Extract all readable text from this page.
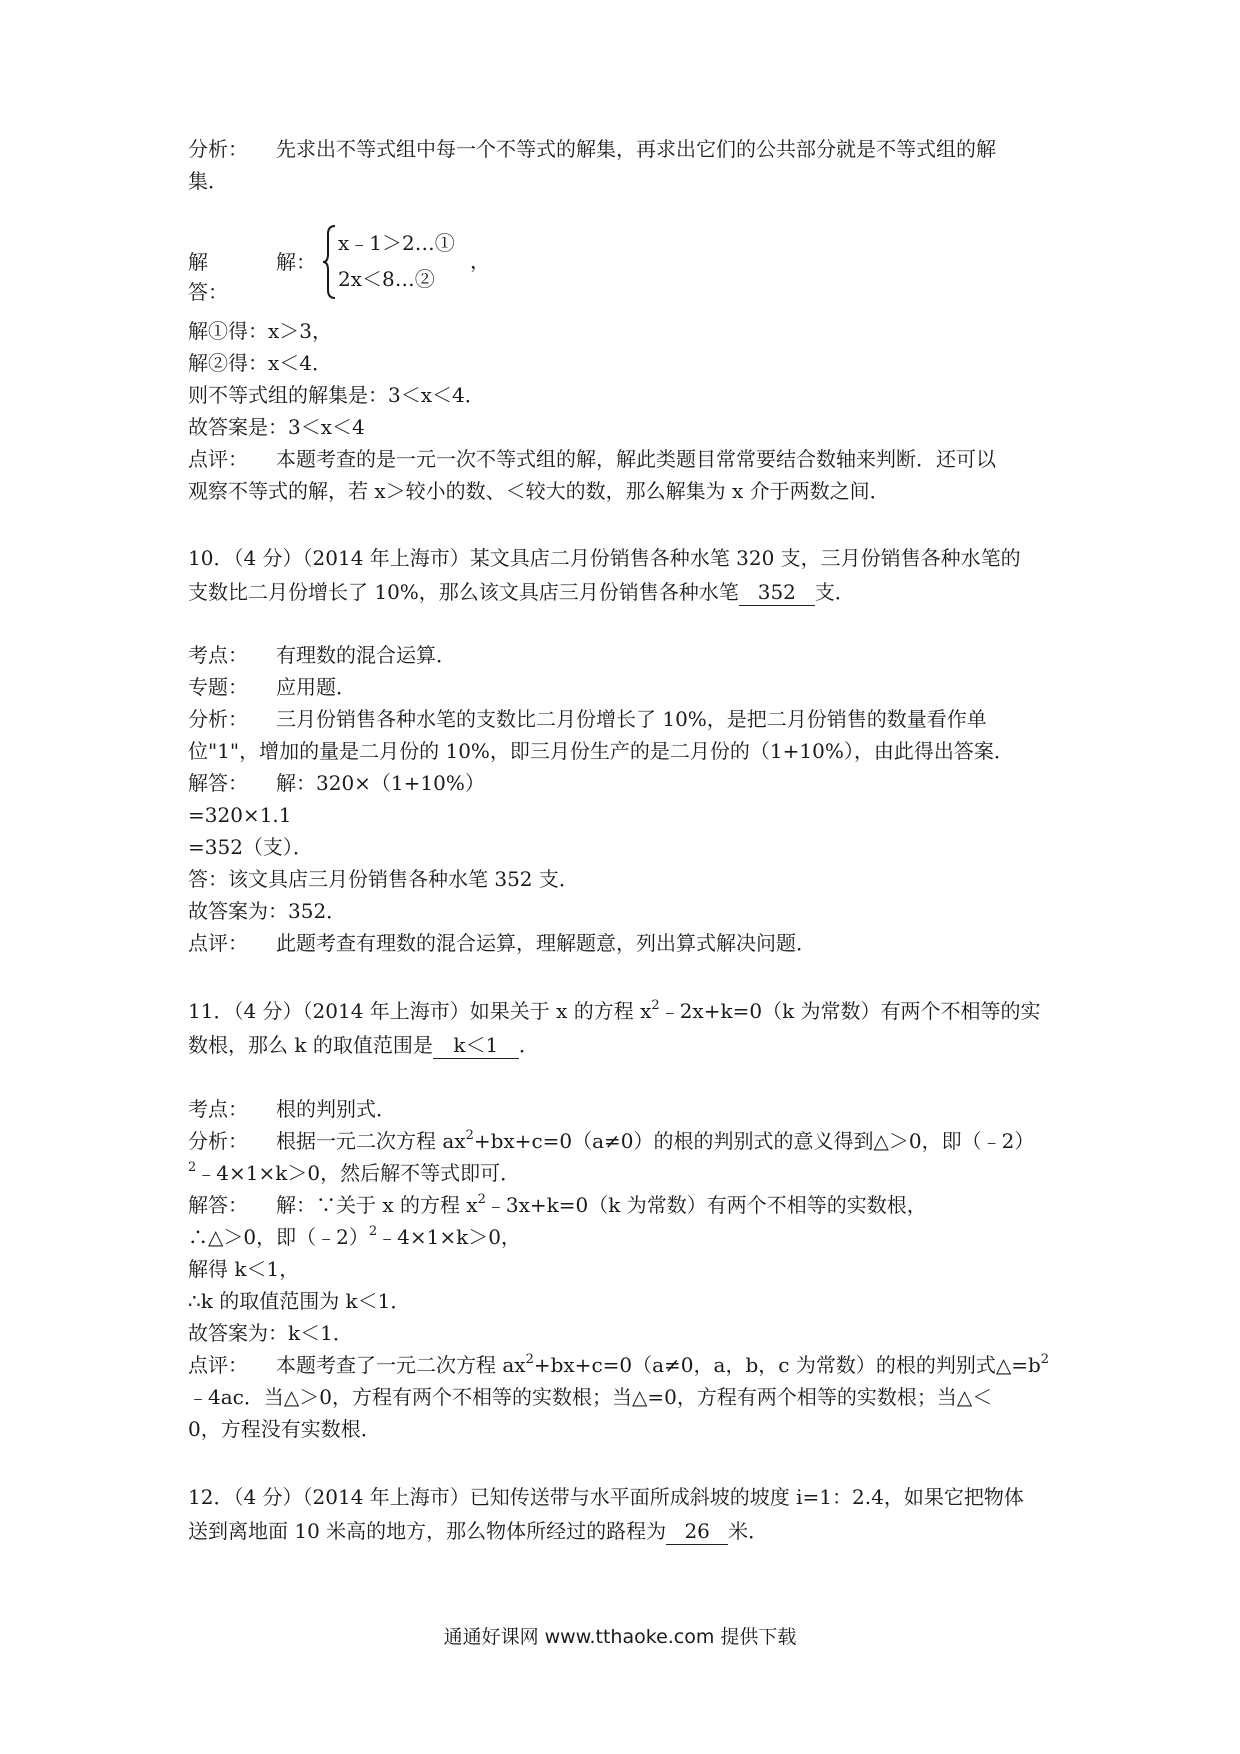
分析： 先求出不等式组中每一个不等式的解集，再求出它们的公共部分就是不等式组的解
集．
解答：
解：
x﹣1＞2…①
2x＜8…②
，
解①得：x＞3，
解②得：x＜4．
则不等式组的解集是：3＜x＜4．
故答案是：3＜x＜4
点评： 本题考查的是一元一次不等式组的解，解此类题目常常要结合数轴来判断．还可以
观察不等式的解，若 x＞较小的数、＜较大的数，那么解集为 x 介于两数之间．
10．（4 分）（2014 年上海市）某文具店二月份销售各种水笔 320 支，三月份销售各种水笔的
支数比二月份增长了 10%，那么该文具店三月份销售各种水笔 352 支．
考点： 有理数的混合运算．
专题： 应用题．
分析： 三月份销售各种水笔的支数比二月份增长了 10%，是把二月份销售的数量看作单
位"1"，增加的量是二月份的 10%，即三月份生产的是二月份的（1+10%），由此得出答案．
解答： 解：320×（1+10%）
=320×1.1
=352（支）．
答：该文具店三月份销售各种水笔 352 支．
故答案为：352．
点评： 此题考查有理数的混合运算，理解题意，列出算式解决问题．
11．（4 分）（2014 年上海市）如果关于 x 的方程 $x^2﹣2x+k=0(k$ 为常数）有两个不相等的实
数根，那么 k 的取值范围是 k＜1 ．
考点： 根的判别式．
分析： 根据一元二次方程 $ax^2+bx+c=0(a\ne 0)$的根的判别式的意义得到△＞0，即（﹣2）
$^2$﹣4×1×k＞0，然后解不等式即可．
解答： 解：∵关于 x 的方程 $x^2﹣3x+k=0(k$ 为常数）有两个不相等的实数根，
∴△＞0，即（﹣2）$^2$﹣4×1×k＞0，
解得 k＜1，
∴k 的取值范围为 k＜1．
故答案为：k＜1．
点评： 本题考查了一元二次方程 $ax^2+bx+c=0(a\ne 0$，a，b，c 为常数）的根的判别式$\triangle=b^2$
﹣4ac．当△＞0，方程有两个不相等的实数根；当△=0，方程有两个相等的实数根；当△＜
0，方程没有实数根．
12．（4 分）（2014 年上海市）已知传送带与水平面所成斜坡的坡度 i=1：2.4，如果它把物体
送到离地面 10 米高的地方，那么物体所经过的路程为 26 米．
通通好课网 www.tthaoke.com 提供下载
